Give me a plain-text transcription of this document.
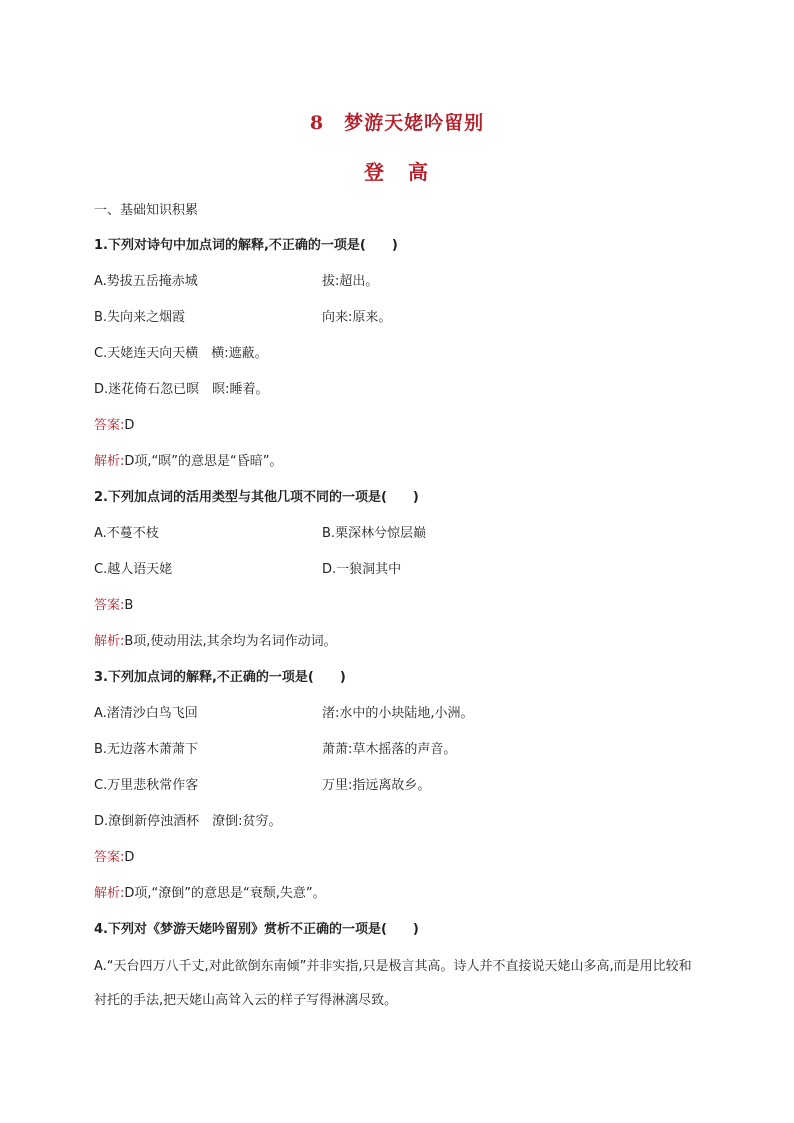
8　梦游天姥吟留别
登　高
一、基础知识积累
1.下列对诗句中加点词的解释,不正确的一项是(　　)
A.势拔五岳掩赤城	拔:超出。
B.失向来之烟霞	向来:原来。
C.天姥连天向天横　横:遮蔽。
D.迷花倚石忽已暝　暝:睡着。
答案:D
解析:D项,“暝”的意思是“昏暗”。
2.下列加点词的活用类型与其他几项不同的一项是(　　)
A.不蔓不枝	B.栗深林兮惊层巅
C.越人语天姥	D.一狼洞其中
答案:B
解析:B项,使动用法,其余均为名词作动词。
3.下列加点词的解释,不正确的一项是(　　)
A.渚清沙白鸟飞回	渚:水中的小块陆地,小洲。
B.无边落木萧萧下	萧萧:草木摇落的声音。
C.万里悲秋常作客	万里:指远离故乡。
D.潦倒新停浊酒杯　潦倒:贫穷。
答案:D
解析:D项,“潦倒”的意思是“衰颓,失意”。
4.下列对《梦游天姥吟留别》赏析不正确的一项是(　　)
A.“天台四万八千丈,对此欲倒东南倾”并非实指,只是极言其高。诗人并不直接说天姥山多高,而是用比较和衬托的手法,把天姥山高耸入云的样子写得淋漓尽致。
